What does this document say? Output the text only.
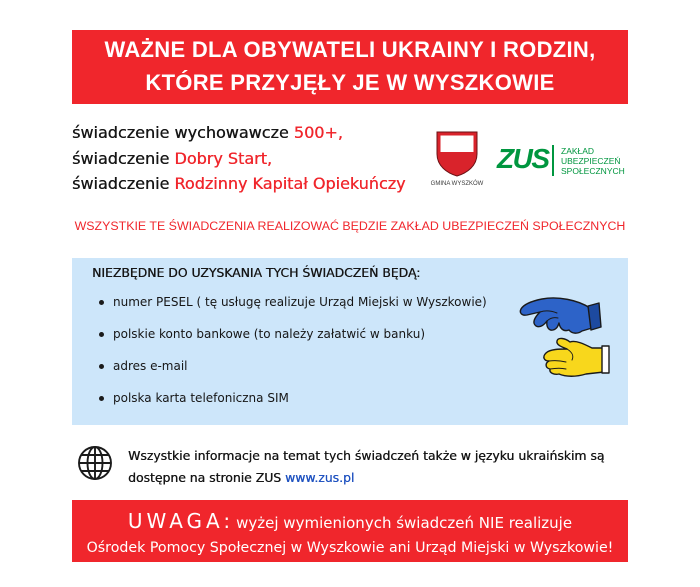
WAŻNE DLA OBYWATELI UKRAINY I RODZIN,
KTÓRE PRZYJĘŁY JE W WYSZKOWIE
świadczenie wychowawcze 500+,
świadczenie Dobry Start,
świadczenie Rodzinny Kapitał Opiekuńczy	GMINA WYSZKÓW
ZUS ZAKŁAD
UBEZPIECZEŃ
SPOŁECZNYCH
WSZYSTKIE TE ŚWIADCZENIA REALIZOWAĆ BĘDZIE ZAKŁAD UBEZPIECZEŃ SPOŁECZNYCH
NIEZBĘDNE DO UZYSKANIA TYCH ŚWIADCZEŃ BĘDĄ:
numer PESEL ( tę usługę realizuje Urząd Miejski w Wyszkowie)
polskie konto bankowe (to należy załatwić w banku)
adres e-mail
polska karta telefoniczna SIM
Wszystkie informacje na temat tych świadczeń także w języku ukraińskim są
dostępne na stronie ZUS www.zus.pl
UWAGA: wyżej wymienionych świadczeń NIE realizuje
Ośrodek Pomocy Społecznej w Wyszkowie ani Urząd Miejski w Wyszkowie!
